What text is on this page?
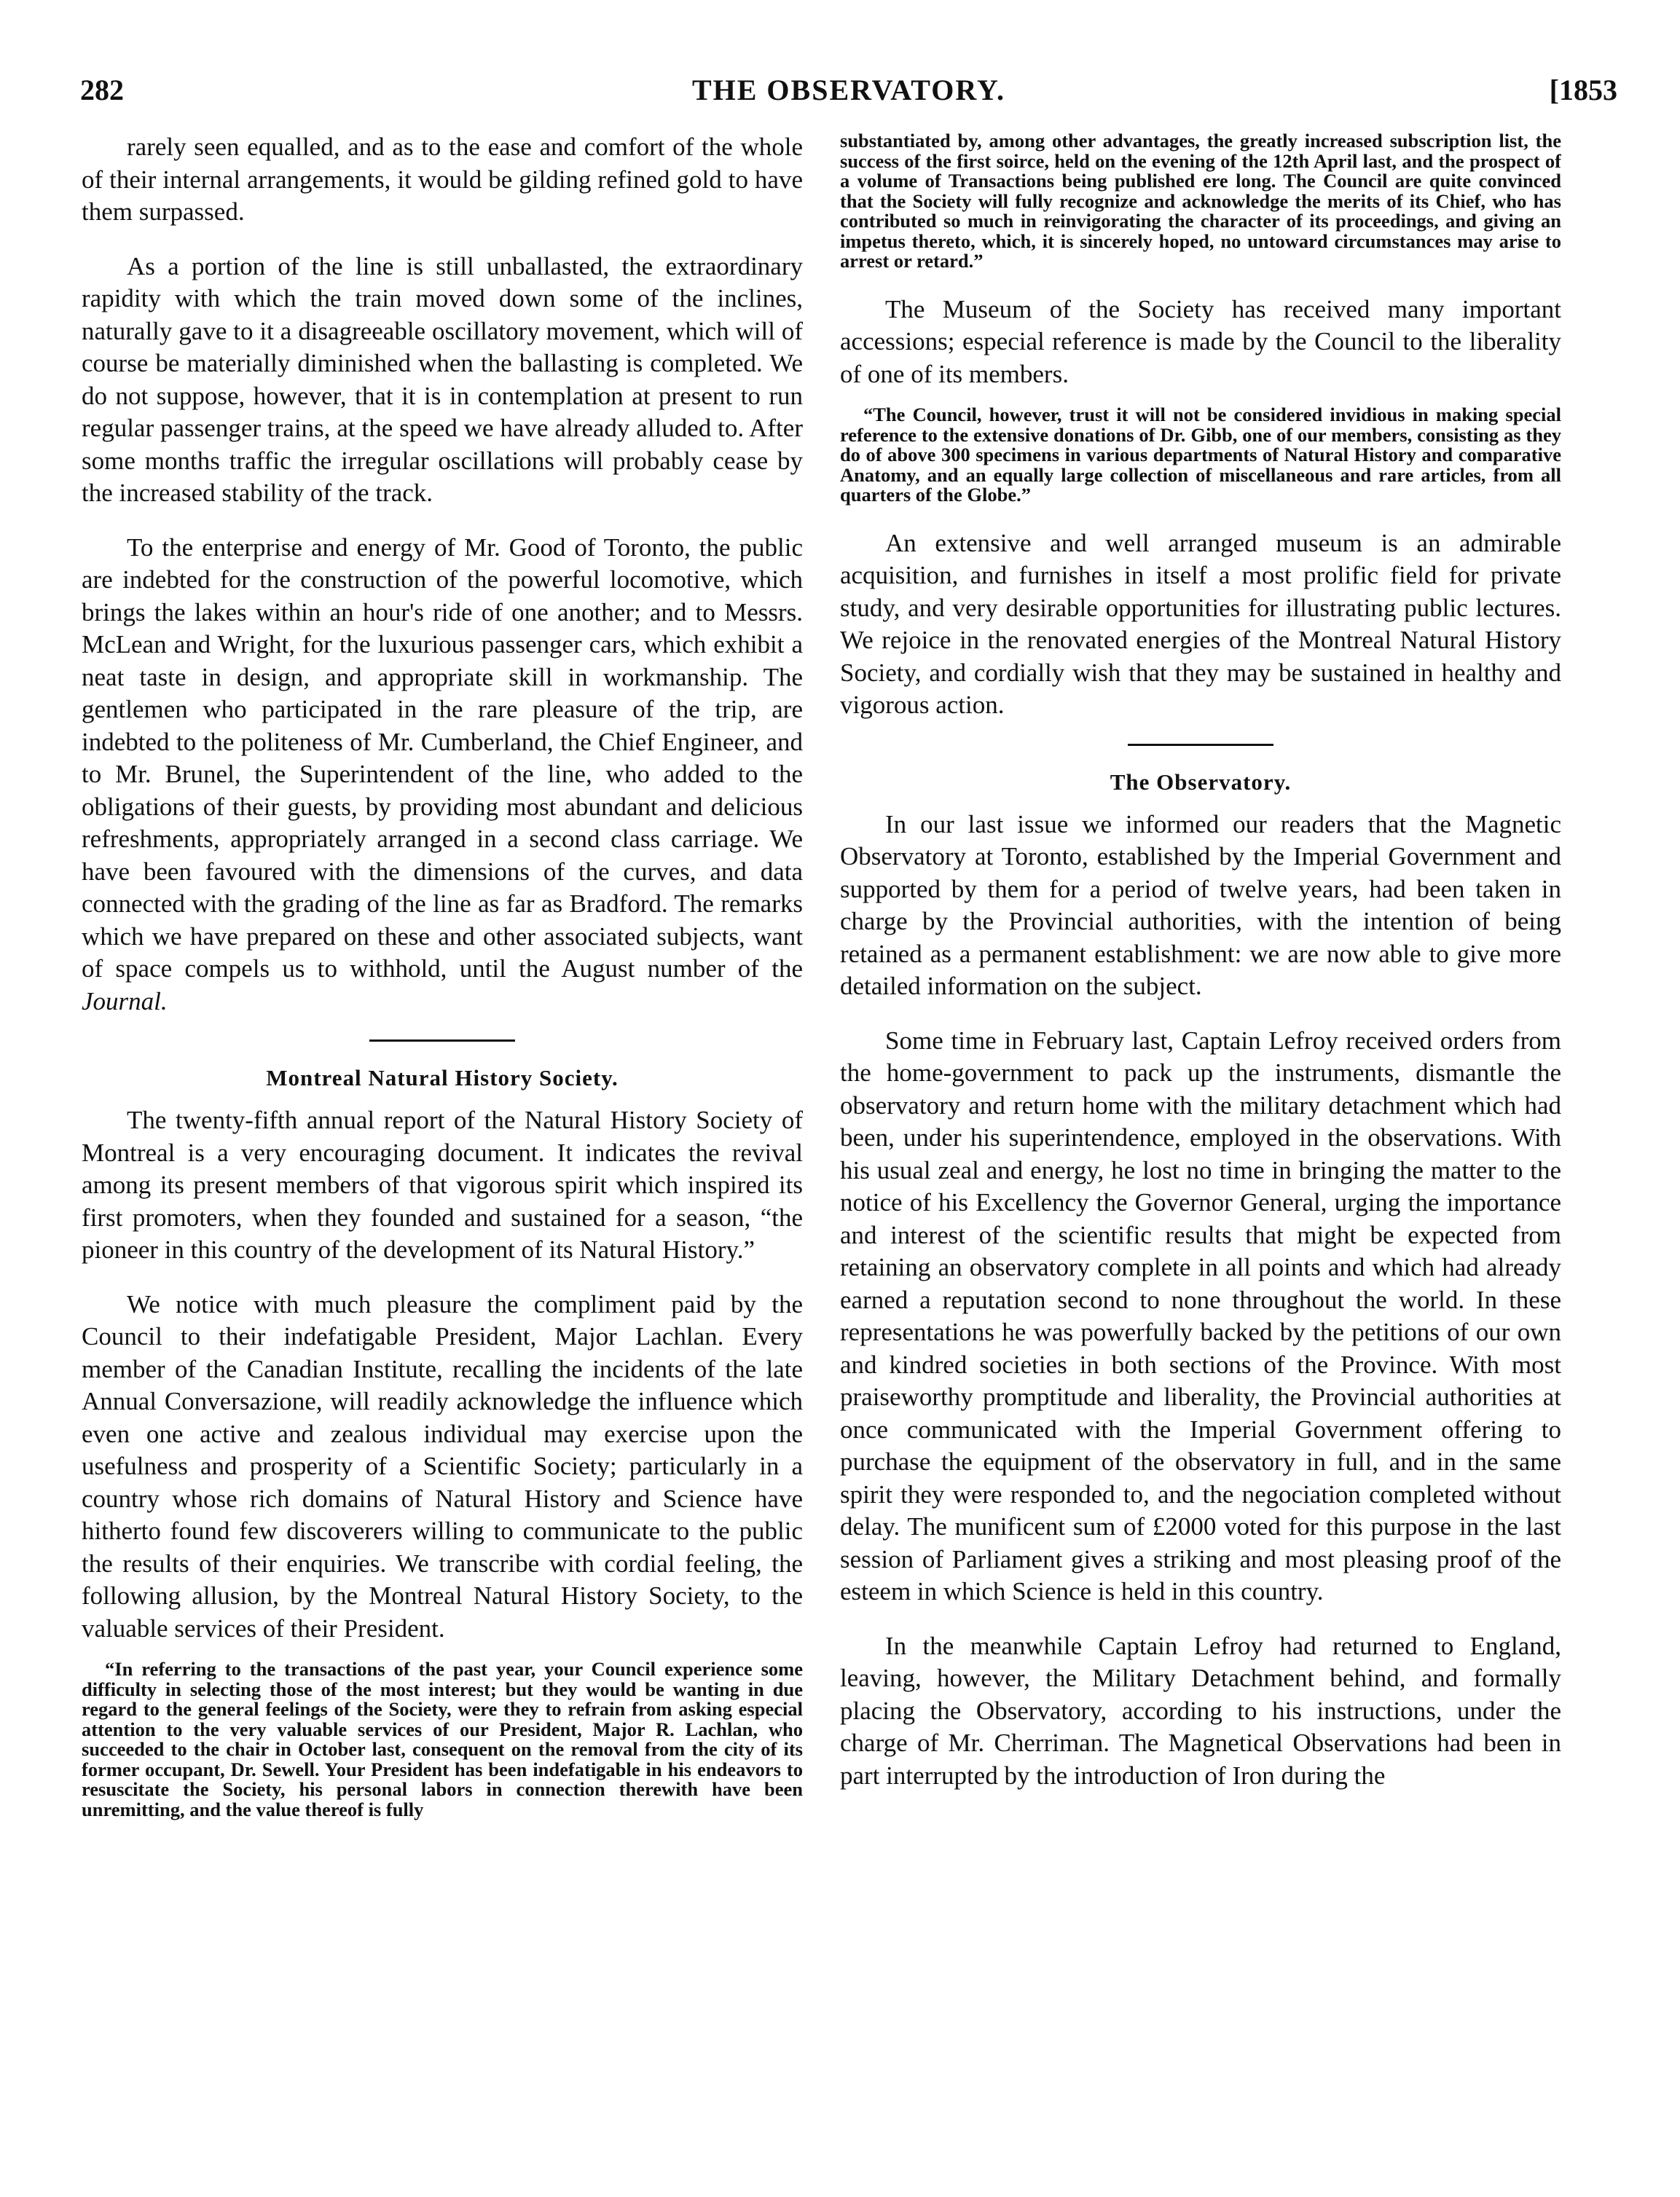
282	THE OBSERVATORY.	[1853

rarely seen equalled, and as to the ease and comfort of the whole of their internal arrangements, it would be gilding refined gold to have them surpassed.

As a portion of the line is still unballasted, the extraordinary rapidity with which the train moved down some of the inclines, naturally gave to it a disagreeable oscillatory movement, which will of course be materially diminished when the ballasting is completed. We do not suppose, however, that it is in contemplation at present to run regular passenger trains, at the speed we have already alluded to. After some months traffic the irregular oscillations will probably cease by the increased stability of the track.

To the enterprise and energy of Mr. Good of Toronto, the public are indebted for the construction of the powerful locomotive, which brings the lakes within an hour's ride of one another; and to Messrs. McLean and Wright, for the luxurious passenger cars, which exhibit a neat taste in design, and appropriate skill in workmanship. The gentlemen who participated in the rare pleasure of the trip, are indebted to the politeness of Mr. Cumberland, the Chief Engineer, and to Mr. Brunel, the Superintendent of the line, who added to the obligations of their guests, by providing most abundant and delicious refreshments, appropriately arranged in a second class carriage. We have been favoured with the dimensions of the curves, and data connected with the grading of the line as far as Bradford. The remarks which we have prepared on these and other associated subjects, want of space compels us to withhold, until the August number of the Journal.

Montreal Natural History Society.

The twenty-fifth annual report of the Natural History Society of Montreal is a very encouraging document. It indicates the revival among its present members of that vigorous spirit which inspired its first promoters, when they founded and sustained for a season, “the pioneer in this country of the development of its Natural History.”

We notice with much pleasure the compliment paid by the Council to their indefatigable President, Major Lachlan. Every member of the Canadian Institute, recalling the incidents of the late Annual Conversazione, will readily acknowledge the influence which even one active and zealous individual may exercise upon the usefulness and prosperity of a Scientific Society; particularly in a country whose rich domains of Natural History and Science have hitherto found few discoverers willing to communicate to the public the results of their enquiries. We transcribe with cordial feeling, the following allusion, by the Montreal Natural History Society, to the valuable services of their President.

“In referring to the transactions of the past year, your Council experience some difficulty in selecting those of the most interest; but they would be wanting in due regard to the general feelings of the Society, were they to refrain from asking especial attention to the very valuable services of our President, Major R. Lachlan, who succeeded to the chair in October last, consequent on the removal from the city of its former occupant, Dr. Sewell. Your President has been indefatigable in his endeavors to resuscitate the Society, his personal labors in connection therewith have been unremitting, and the value thereof is fully

substantiated by, among other advantages, the greatly increased subscription list, the success of the first soirce, held on the evening of the 12th April last, and the prospect of a volume of Transactions being published ere long. The Council are quite convinced that the Society will fully recognize and acknowledge the merits of its Chief, who has contributed so much in reinvigorating the character of its proceedings, and giving an impetus thereto, which, it is sincerely hoped, no untoward circumstances may arise to arrest or retard.”

The Museum of the Society has received many important accessions; especial reference is made by the Council to the liberality of one of its members.

“The Council, however, trust it will not be considered invidious in making special reference to the extensive donations of Dr. Gibb, one of our members, consisting as they do of above 300 specimens in various departments of Natural History and comparative Anatomy, and an equally large collection of miscellaneous and rare articles, from all quarters of the Globe.”

An extensive and well arranged museum is an admirable acquisition, and furnishes in itself a most prolific field for private study, and very desirable opportunities for illustrating public lectures. We rejoice in the renovated energies of the Montreal Natural History Society, and cordially wish that they may be sustained in healthy and vigorous action.

The Observatory.

In our last issue we informed our readers that the Magnetic Observatory at Toronto, established by the Imperial Government and supported by them for a period of twelve years, had been taken in charge by the Provincial authorities, with the intention of being retained as a permanent establishment: we are now able to give more detailed information on the subject.

Some time in February last, Captain Lefroy received orders from the home-government to pack up the instruments, dismantle the observatory and return home with the military detachment which had been, under his superintendence, employed in the observations. With his usual zeal and energy, he lost no time in bringing the matter to the notice of his Excellency the Governor General, urging the importance and interest of the scientific results that might be expected from retaining an observatory complete in all points and which had already earned a reputation second to none throughout the world. In these representations he was powerfully backed by the petitions of our own and kindred societies in both sections of the Province. With most praiseworthy promptitude and liberality, the Provincial authorities at once communicated with the Imperial Government offering to purchase the equipment of the observatory in full, and in the same spirit they were responded to, and the negociation completed without delay. The munificent sum of £2000 voted for this purpose in the last session of Parliament gives a striking and most pleasing proof of the esteem in which Science is held in this country.

In the meanwhile Captain Lefroy had returned to England, leaving, however, the Military Detachment behind, and formally placing the Observatory, according to his instructions, under the charge of Mr. Cherriman. The Magnetical Observations had been in part interrupted by the introduction of Iron during the
